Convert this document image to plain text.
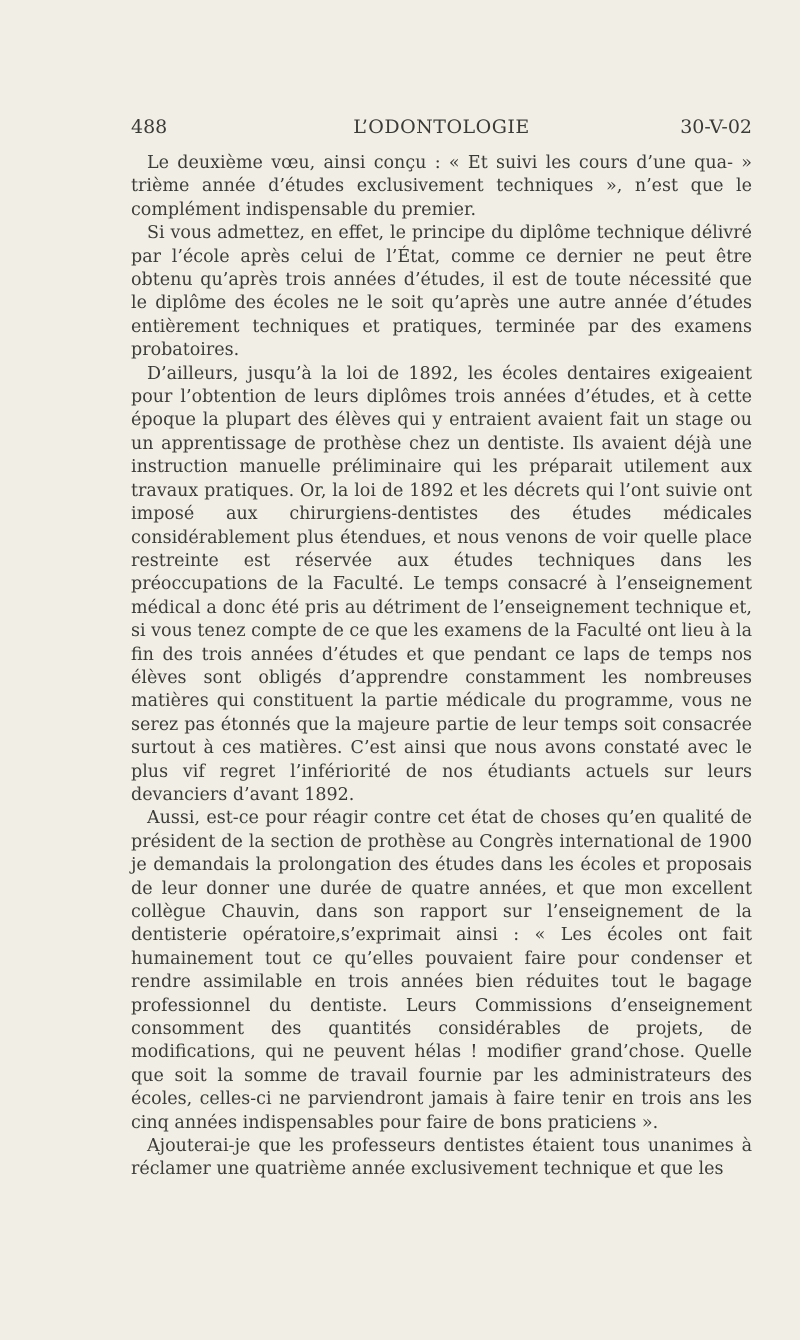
488	L’ODONTOLOGIE	30-V-02

Le deuxième vœu, ainsi conçu : « Et suivi les cours d’une qua- » trième année d’études exclusivement techniques », n’est que le complément indispensable du premier.

Si vous admettez, en effet, le principe du diplôme technique délivré par l’école après celui de l’État, comme ce dernier ne peut être obtenu qu’après trois années d’études, il est de toute nécessité que le diplôme des écoles ne le soit qu’après une autre année d’études entièrement techniques et pratiques, terminée par des examens probatoires.

D’ailleurs, jusqu’à la loi de 1892, les écoles dentaires exigeaient pour l’obtention de leurs diplômes trois années d’études, et à cette époque la plupart des élèves qui y entraient avaient fait un stage ou un apprentissage de prothèse chez un dentiste. Ils avaient déjà une instruction manuelle préliminaire qui les préparait utilement aux travaux pratiques. Or, la loi de 1892 et les décrets qui l’ont suivie ont imposé aux chirurgiens-dentistes des études médicales considérablement plus étendues, et nous venons de voir quelle place restreinte est réservée aux études techniques dans les préoccupations de la Faculté. Le temps consacré à l’enseignement médical a donc été pris au détriment de l’enseignement technique et, si vous tenez compte de ce que les examens de la Faculté ont lieu à la fin des trois années d’études et que pendant ce laps de temps nos élèves sont obligés d’apprendre constamment les nombreuses matières qui constituent la partie médicale du programme, vous ne serez pas étonnés que la majeure partie de leur temps soit consacrée surtout à ces matières. C’est ainsi que nous avons constaté avec le plus vif regret l’infériorité de nos étudiants actuels sur leurs devanciers d’avant 1892.

Aussi, est-ce pour réagir contre cet état de choses qu’en qualité de président de la section de prothèse au Congrès international de 1900 je demandais la prolongation des études dans les écoles et proposais de leur donner une durée de quatre années, et que mon excellent collègue Chauvin, dans son rapport sur l’enseignement de la dentisterie opératoire,s’exprimait ainsi : « Les écoles ont fait humainement tout ce qu’elles pouvaient faire pour condenser et rendre assimilable en trois années bien réduites tout le bagage professionnel du dentiste. Leurs Commissions d’enseignement consomment des quantités considérables de projets, de modifications, qui ne peuvent hélas ! modifier grand’chose. Quelle que soit la somme de travail fournie par les administrateurs des écoles, celles-ci ne parviendront jamais à faire tenir en trois ans les cinq années indispensables pour faire de bons praticiens ».

Ajouterai-je que les professeurs dentistes étaient tous unanimes à réclamer une quatrième année exclusivement technique et que les
